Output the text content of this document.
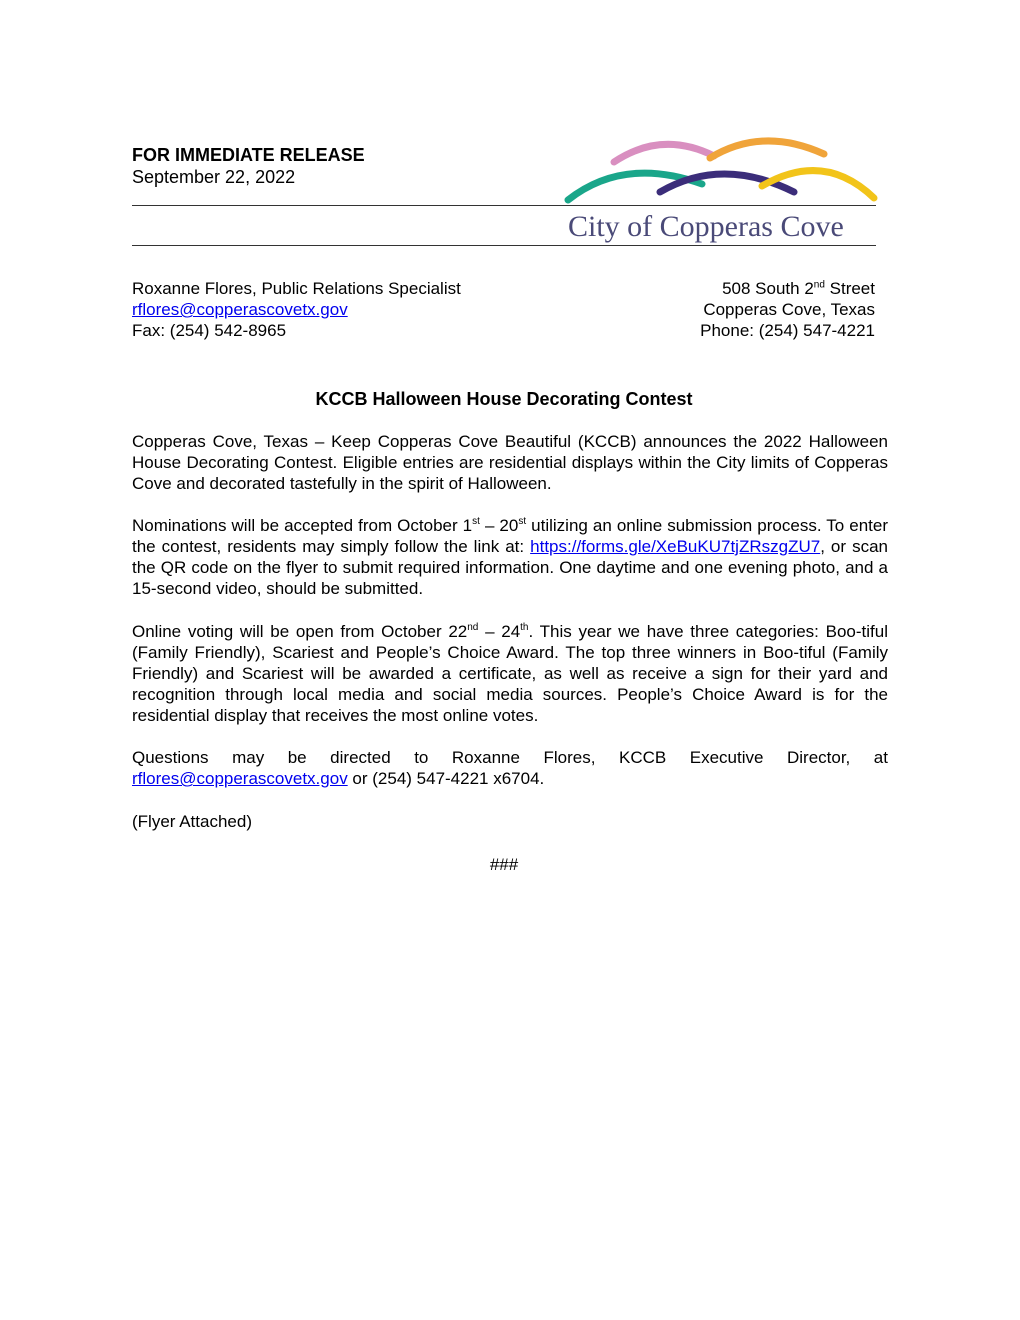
FOR IMMEDIATE RELEASE
September 22, 2022
City of Copperas Cove
Roxanne Flores, Public Relations Specialist
rflores@copperascovetx.gov
Fax: (254) 542-8965
508 South 2nd Street
Copperas Cove, Texas
Phone: (254) 547-4221
KCCB Halloween House Decorating Contest
Copperas Cove, Texas – Keep Copperas Cove Beautiful (KCCB) announces the 2022 Halloween House Decorating Contest. Eligible entries are residential displays within the City limits of Copperas Cove and decorated tastefully in the spirit of Halloween.
Nominations will be accepted from October 1st – 20st utilizing an online submission process. To enter the contest, residents may simply follow the link at: https://forms.gle/XeBuKU7tjZRszgZU7, or scan the QR code on the flyer to submit required information. One daytime and one evening photo, and a 15-second video, should be submitted.
Online voting will be open from October 22nd – 24th. This year we have three categories: Boo-tiful (Family Friendly), Scariest and People’s Choice Award. The top three winners in Boo-tiful (Family Friendly) and Scariest will be awarded a certificate, as well as receive a sign for their yard and recognition through local media and social media sources. People’s Choice Award is for the residential display that receives the most online votes.
Questions may be directed to Roxanne Flores, KCCB Executive Director, at rflores@copperascovetx.gov or (254) 547-4221 x6704.
(Flyer Attached)
###
